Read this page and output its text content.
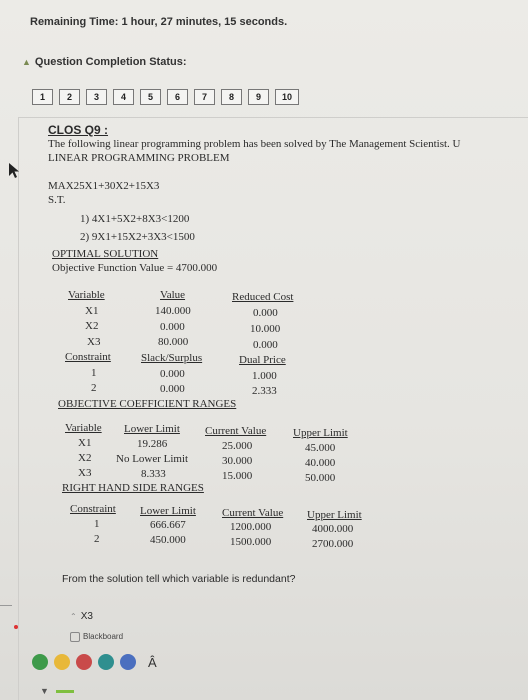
Remaining Time: 1 hour, 27 minutes, 15 seconds.
▲ Question Completion Status:
1	2	3	4	5	6	7	8	9	10
CLOS Q9 :
The following linear programming problem has been solved by The Management Scientist. U
LINEAR PROGRAMMING PROBLEM
MAX25X1+30X2+15X3
S.T.
1) 4X1+5X2+8X3<1200
2) 9X1+15X2+3X3<1500
OPTIMAL SOLUTION
Objective Function Value = 4700.000
Variable	Value	Reduced Cost
X1	140.000	0.000
X2	0.000	10.000
X3	80.000	0.000
Constraint	Slack/Surplus	Dual Price
1	0.000	1.000
2	0.000	2.333
OBJECTIVE COEFFICIENT RANGES
Variable Lower Limit Current Value Upper Limit
X1	19.286	25.000	45.000
X2 No Lower Limit	30.000	40.000
X3	8.333	15.000	50.000
RIGHT HAND SIDE RANGES
Constraint Lower Limit Current Value Upper Limit
1	666.667	1200.000	4000.000
2	450.000	1500.000	2700.000
From the solution tell which variable is redundant?
⌃ X3
Blackboard
Â
▼
